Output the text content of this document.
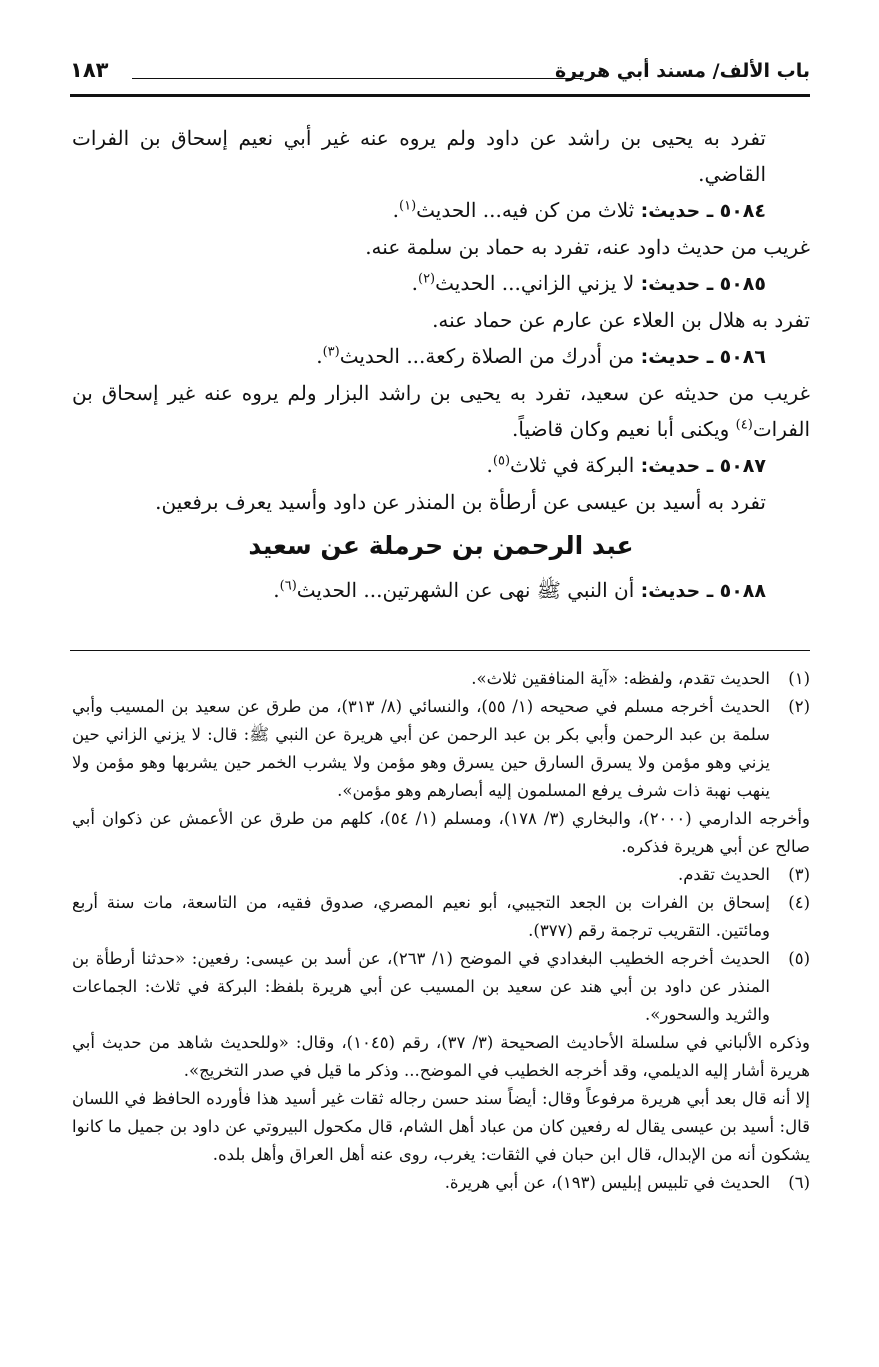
باب الألف/ مسند أبي هريرة
١٨٣

تفرد به يحيى بن راشد عن داود ولم يروه عنه غير أبي نعيم إسحاق بن الفرات القاضي.

٥٠٨٤ ـ حديث: ثلاث من كن فيه... الحديث$^{(١)}$.

غريب من حديث داود عنه، تفرد به حماد بن سلمة عنه.

٥٠٨٥ ـ حديث: لا يزني الزاني... الحديث$^{(٢)}$.

تفرد به هلال بن العلاء عن عارم عن حماد عنه.

٥٠٨٦ ـ حديث: من أدرك من الصلاة ركعة... الحديث$^{(٣)}$.

غريب من حديثه عن سعيد، تفرد به يحيى بن راشد البزار ولم يروه عنه غير إسحاق بن الفرات$^{(٤)}$ ويكنى أبا نعيم وكان قاضياً.

٥٠٨٧ ـ حديث: البركة في ثلاث$^{(٥)}$.

تفرد به أسيد بن عيسى عن أرطأة بن المنذر عن داود وأسيد يعرف برفعين.

عبد الرحمن بن حرملة عن سعيد

٥٠٨٨ ـ حديث: أن النبي ﷺ نهى عن الشهرتين... الحديث$^{(٦)}$.

(١)
الحديث تقدم، ولفظه: «آية المنافقين ثلاث».
(٢)
الحديث أخرجه مسلم في صحيحه (١/ ٥٥)، والنسائي (٨/ ٣١٣)، من طرق عن سعيد بن المسيب وأبي سلمة بن عبد الرحمن وأبي بكر بن عبد الرحمن عن أبي هريرة عن النبي ﷺ: قال: لا يزني الزاني حين يزني وهو مؤمن ولا يسرق السارق حين يسرق وهو مؤمن ولا يشرب الخمر حين يشربها وهو مؤمن ولا ينهب نهبة ذات شرف يرفع المسلمون إليه أبصارهم وهو مؤمن».

وأخرجه الدارمي (٢٠٠٠)، والبخاري (٣/ ١٧٨)، ومسلم (١/ ٥٤)، كلهم من طرق عن الأعمش عن ذكوان أبي صالح عن أبي هريرة فذكره.

(٣)
الحديث تقدم.
(٤)
إسحاق بن الفرات بن الجعد التجيبي، أبو نعيم المصري، صدوق فقيه، من التاسعة، مات سنة أربع ومائتين. التقريب ترجمة رقم (٣٧٧).
(٥)
الحديث أخرجه الخطيب البغدادي في الموضح (١/ ٢٦٣)، عن أسد بن عيسى: رفعين: «حدثنا أرطأة بن المنذر عن داود بن أبي هند عن سعيد بن المسيب عن أبي هريرة بلفظ: البركة في ثلاث: الجماعات والثريد والسحور».

وذكره الألباني في سلسلة الأحاديث الصحيحة (٣/ ٣٧)، رقم (١٠٤٥)، وقال: «وللحديث شاهد من حديث أبي هريرة أشار إليه الديلمي، وقد أخرجه الخطيب في الموضح... وذكر ما قيل في صدر التخريج».

إلا أنه قال بعد أبي هريرة مرفوعاً وقال: أيضاً سند حسن رجاله ثقات غير أسيد هذا فأورده الحافظ في اللسان قال: أسيد بن عيسى يقال له رفعين كان من عباد أهل الشام، قال مكحول البيروتي عن داود بن جميل ما كانوا يشكون أنه من الإبدال، قال ابن حبان في الثقات: يغرب، روى عنه أهل العراق وأهل بلده.

(٦)
الحديث في تلبيس إبليس (١٩٣)، عن أبي هريرة.
